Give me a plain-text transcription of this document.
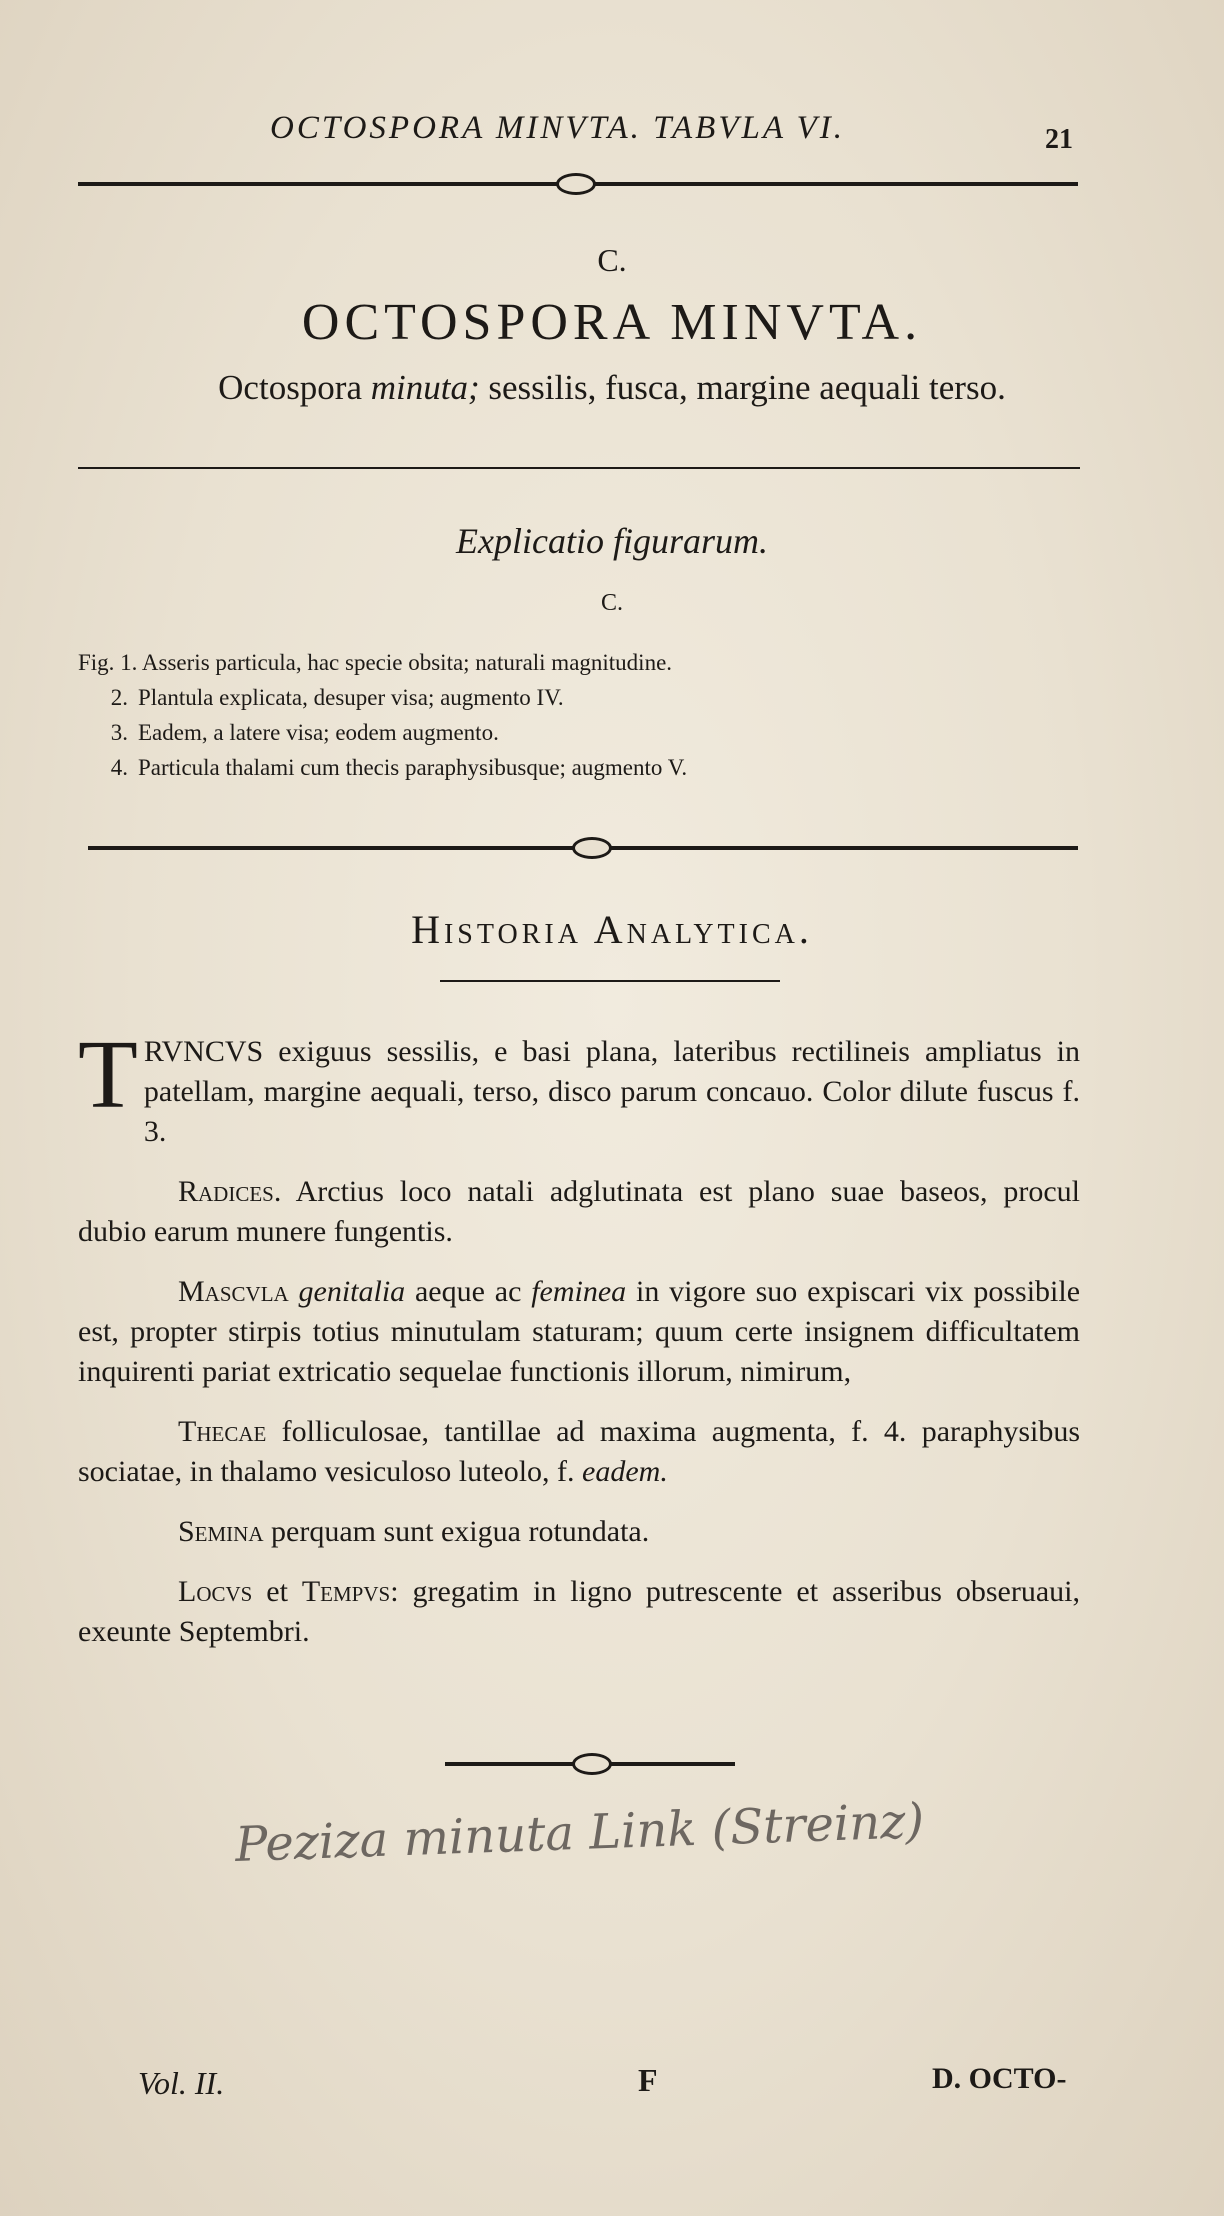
OCTOSPORA MINVTA. TABVLA VI.	21
C.
OCTOSPORA MINVTA.
Octospora minuta; sessilis, fusca, margine aequali terso.
Explicatio figurarum.
C.
Fig. 1. Asseris particula, hac specie obsita; naturali magnitudine.
2. Plantula explicata, desuper visa; augmento IV.
3. Eadem, a latere visa; eodem augmento.
4. Particula thalami cum thecis paraphysibusque; augmento V.
Historia Analytica.
TRVNCVS exiguus sessilis, e basi plana, lateribus rectilineis ampliatus in patellam, margine aequali, terso, disco parum concauo. Color dilute fuscus f. 3.
Radices. Arctius loco natali adglutinata est plano suae baseos, procul dubio earum munere fungentis.
Mascvla genitalia aeque ac feminea in vigore suo expiscari vix possibile est, propter stirpis totius minutulam staturam; quum certe insignem difficultatem inquirenti pariat extricatio sequelae functionis illorum, nimirum,
Thecae folliculosae, tantillae ad maxima augmenta, f. 4. paraphysibus sociatae, in thalamo vesiculoso luteolo, f. eadem.
Semina perquam sunt exigua rotundata.
Locvs et Tempvs: gregatim in ligno putrescente et asseribus obseruaui, exeunte Septembri.
Peziza minuta Link (Streinz)
Vol. II.	F	D. OCTO-
